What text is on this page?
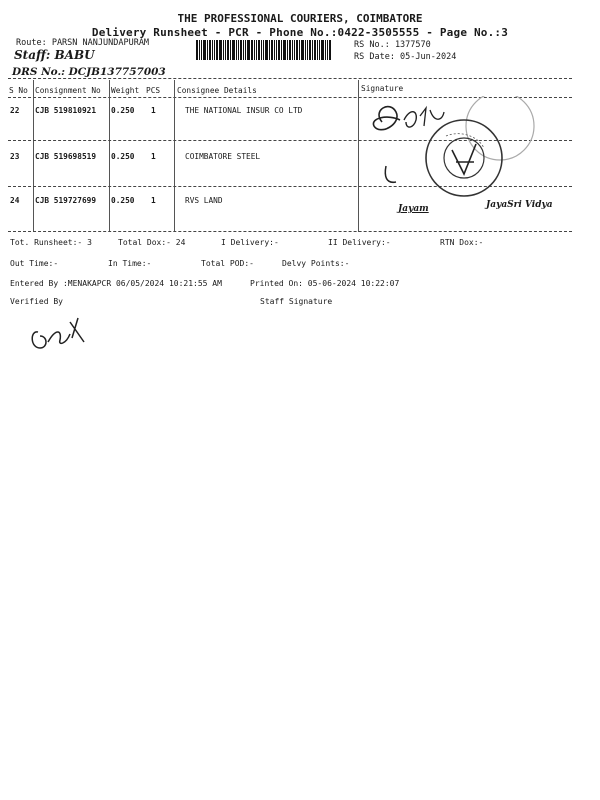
THE PROFESSIONAL COURIERS, COIMBATORE
Delivery Runsheet - PCR - Phone No.:0422-3505555 - Page No.:3
Route: PARSN NANJUNDAPURAM
Staff: BABU
RS No.: 1377570
RS Date: 05-Jun-2024
DRS No.: DCJB137757003
S No Consignment No Weight PCS Consignee Details	Signature
22 CJB 519810921 0.250 1	THE NATIONAL INSUR CO LTD
23 CJB 519698519 0.250 1	COIMBATORE STEEL
24 CJB 519727699 0.250 1	RVS LAND
Jayam	JayaSri Vidya
Tot. Runsheet:- 3	Total Dox:- 24	I Delivery:-	II Delivery:-	RTN Dox:-
Out Time:-	In Time:-	Total POD:-	Delvy Points:-
Entered By :MENAKAPCR 06/05/2024 10:21:55 AM	Printed On: 05-06-2024 10:22:07
Verified By	Staff Signature
